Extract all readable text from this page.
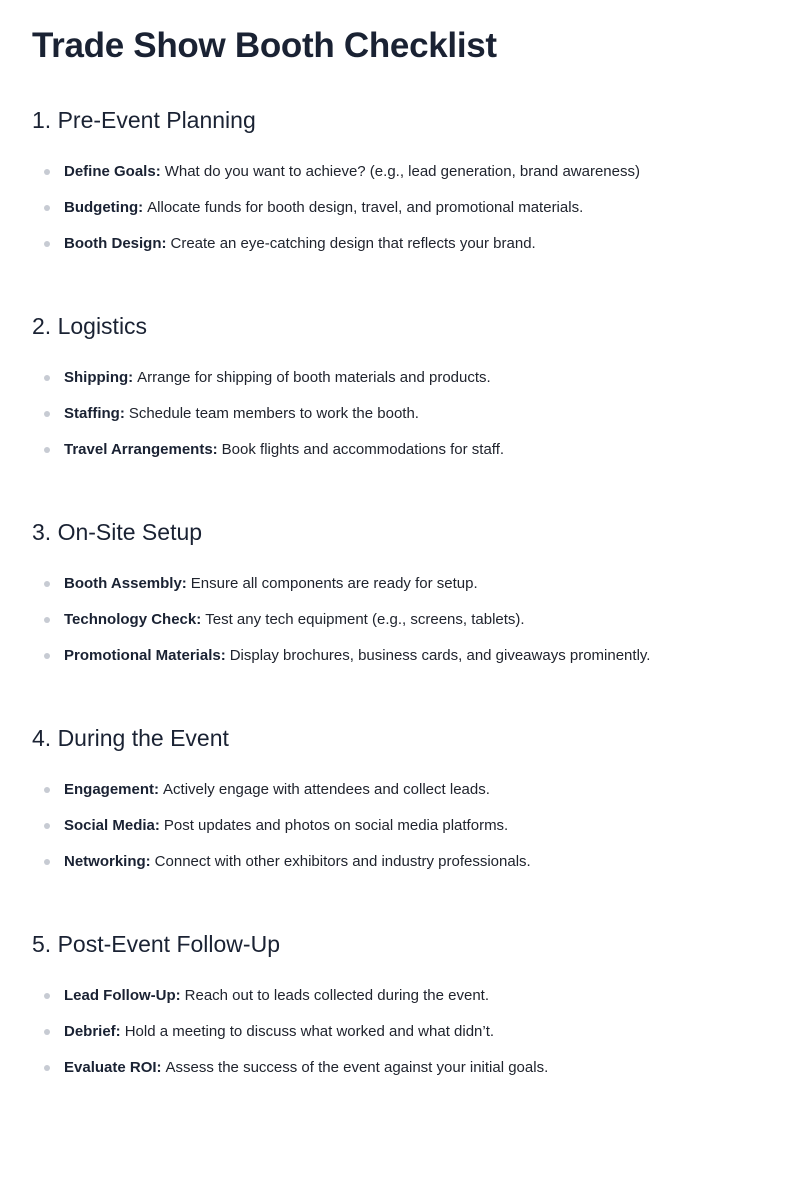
Trade Show Booth Checklist
1. Pre-Event Planning
Define Goals: What do you want to achieve? (e.g., lead generation, brand awareness)
Budgeting: Allocate funds for booth design, travel, and promotional materials.
Booth Design: Create an eye-catching design that reflects your brand.
2. Logistics
Shipping: Arrange for shipping of booth materials and products.
Staffing: Schedule team members to work the booth.
Travel Arrangements: Book flights and accommodations for staff.
3. On-Site Setup
Booth Assembly: Ensure all components are ready for setup.
Technology Check: Test any tech equipment (e.g., screens, tablets).
Promotional Materials: Display brochures, business cards, and giveaways prominently.
4. During the Event
Engagement: Actively engage with attendees and collect leads.
Social Media: Post updates and photos on social media platforms.
Networking: Connect with other exhibitors and industry professionals.
5. Post-Event Follow-Up
Lead Follow-Up: Reach out to leads collected during the event.
Debrief: Hold a meeting to discuss what worked and what didn’t.
Evaluate ROI: Assess the success of the event against your initial goals.
